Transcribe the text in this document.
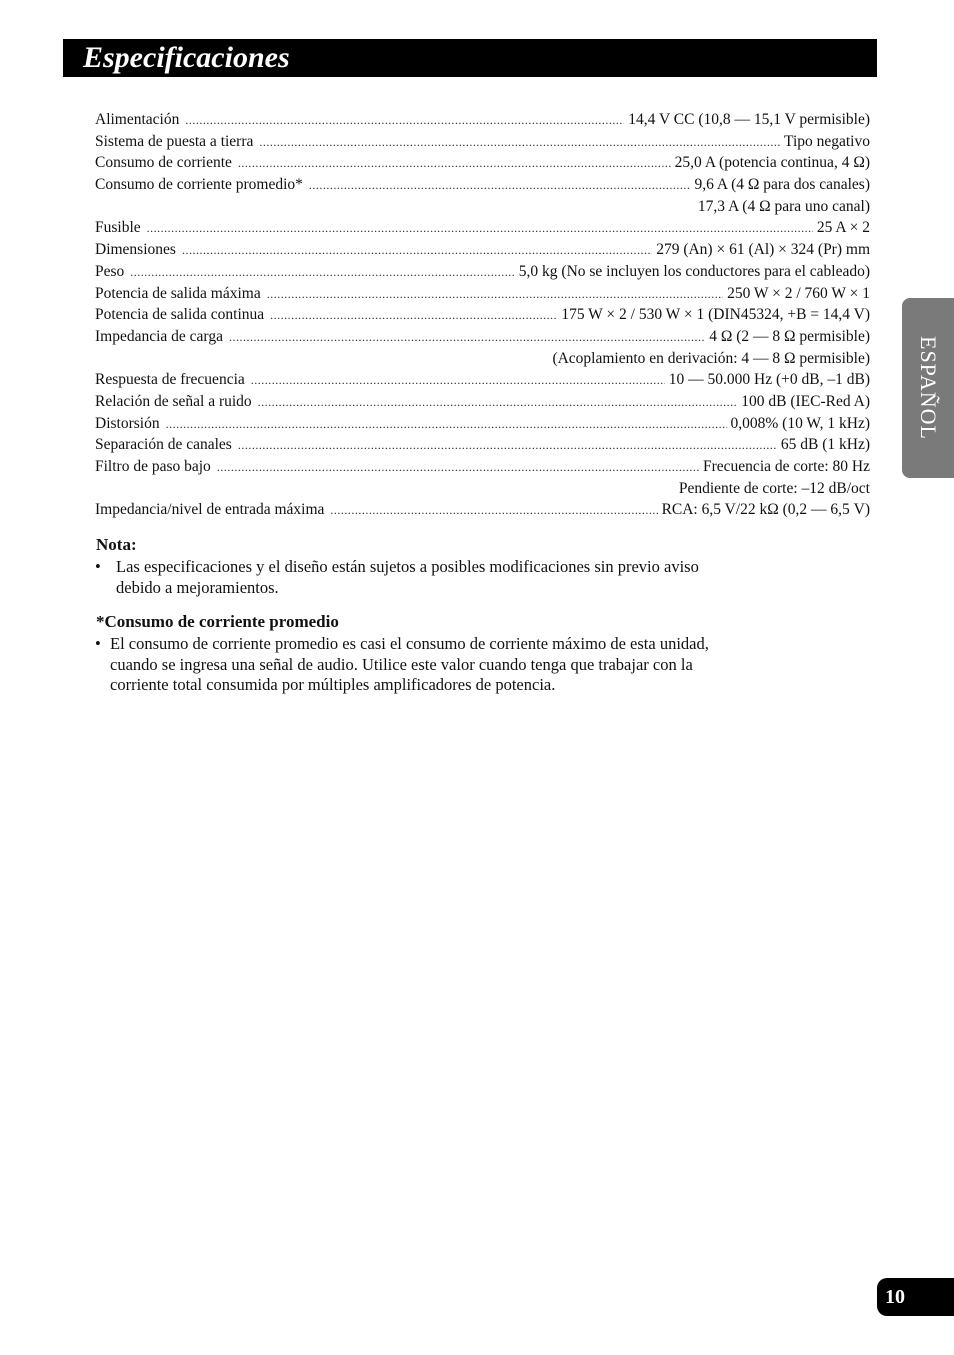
Especificaciones
Alimentación .....	14,4 V CC (10,8 — 15,1 V permisible)
Sistema de puesta a tierra .....	Tipo negativo
Consumo de corriente .....	25,0 A (potencia continua, 4 Ω)
Consumo de corriente promedio* .....	9,6 A (4 Ω para dos canales)
17,3 A (4 Ω para uno canal)
Fusible .....	25 A × 2
Dimensiones .....	279 (An) × 61 (Al) × 324 (Pr) mm
Peso .....	5,0 kg (No se incluyen los conductores para el cableado)
Potencia de salida máxima .....	250 W × 2 / 760 W × 1
Potencia de salida continua .....	175 W × 2 / 530 W × 1 (DIN45324, +B = 14,4 V)
Impedancia de carga .....	4 Ω (2 — 8 Ω permisible)
(Acoplamiento en derivación: 4 — 8 Ω permisible)
Respuesta de frecuencia .....	10 — 50.000 Hz (+0 dB, –1 dB)
Relación de señal a ruido .....	100 dB (IEC-Red A)
Distorsión .....	0,008% (10 W, 1 kHz)
Separación de canales .....	65 dB (1 kHz)
Filtro de paso bajo .....	Frecuencia de corte: 80 Hz
Pendiente de corte: –12 dB/oct
Impedancia/nivel de entrada máxima .....	RCA: 6,5 V/22 kΩ (0,2 — 6,5 V)
Nota:
• Las especificaciones y el diseño están sujetos a posibles modificaciones sin previo aviso debido a mejoramientos.
*Consumo de corriente promedio
• El consumo de corriente promedio es casi el consumo de corriente máximo de esta unidad, cuando se ingresa una señal de audio. Utilice este valor cuando tenga que trabajar con la corriente total consumida por múltiples amplificadores de potencia.
ESPAÑOL
10
